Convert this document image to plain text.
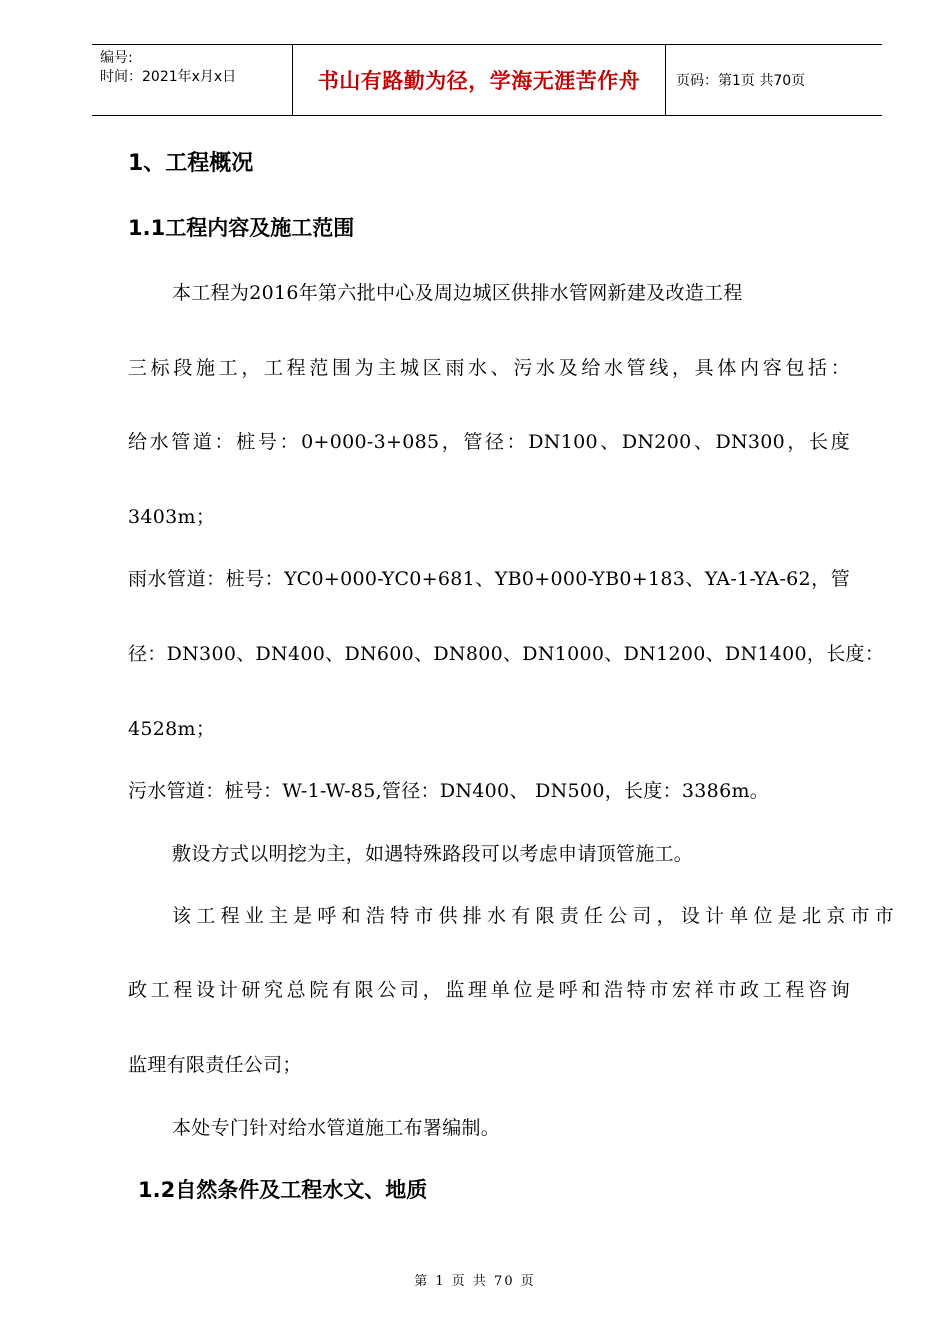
编号:
时间：2021年x月x日	书山有路勤为径，学海无涯苦作舟	页码：第1页 共70页
1、工程概况
1.1工程内容及施工范围
本工程为2016年第六批中心及周边城区供排水管网新建及改造工程
三标段施工，工程范围为主城区雨水、污水及给水管线，具体内容包括：
给水管道：桩号：0+000-3+085，管径：DN100、DN200、DN300，长度
3403m；
雨水管道：桩号：YC0+000-YC0+681、YB0+000-YB0+183、YA-1-YA-62，管
径：DN300、DN400、DN600、DN800、DN1000、DN1200、DN1400，长度：
4528m；
污水管道：桩号：W-1-W-85,管径：DN400、 DN500，长度：3386m。
敷设方式以明挖为主，如遇特殊路段可以考虑申请顶管施工。
该工程业主是呼和浩特市供排水有限责任公司，设计单位是北京市市
政工程设计研究总院有限公司，监理单位是呼和浩特市宏祥市政工程咨询
监理有限责任公司；
本处专门针对给水管道施工布署编制。
1.2自然条件及工程水文、地质
第 1 页 共 70 页
